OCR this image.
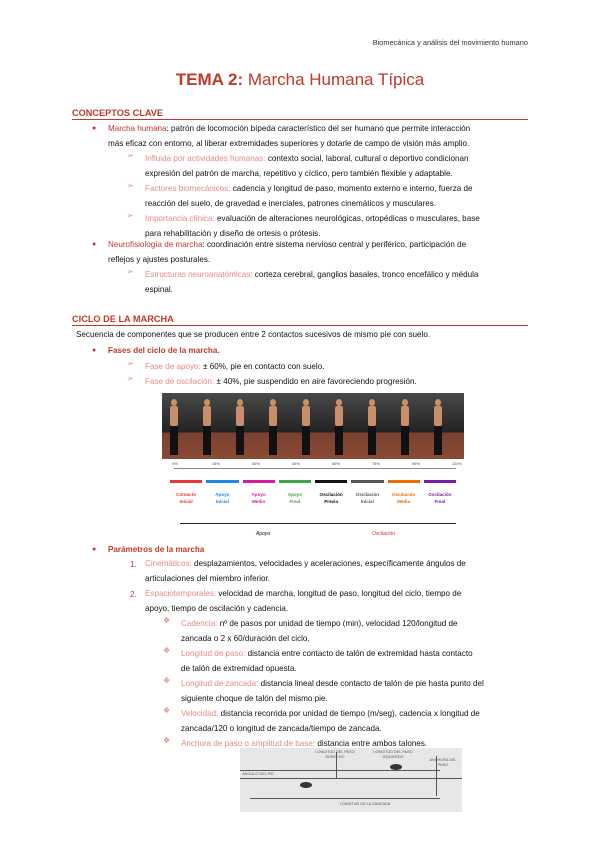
Biomecánica y análisis del movimiento humano
TEMA 2: Marcha Humana Típica
CONCEPTOS CLAVE
● Marcha humana: patrón de locomoción bípeda característico del ser humano que permite interacción
más eficaz con entorno, al liberar extremidades superiores y dotarle de campo de visión más amplio.
➢ Influida por actividades humanas: contexto social, laboral, cultural o deportivo condicionan
expresión del patrón de marcha, repetitivo y cíclico, pero también flexible y adaptable.
➢ Factores biomecánicos: cadencia y longitud de paso, momento externo e interno, fuerza de
reacción del suelo, de gravedad e inerciales, patrones cinemáticos y musculares.
➢ Importancia clínica: evaluación de alteraciones neurológicas, ortopédicas o musculares, base
para rehabilitación y diseño de ortesis o prótesis.
● Neurofisiología de marcha: coordinación entre sistema nervioso central y periférico, participación de
reflejos y ajustes posturales.
➢ Estructuras neuroanatómicas: corteza cerebral, ganglios basales, tronco encefálico y médula
espinal.
CICLO DE LA MARCHA
Secuencia de componentes que se producen entre 2 contactos sucesivos de mismo pie con suelo.
● Fases del ciclo de la marcha.
➢ Fase de apoyo: ± 60%, pie en contacto con suelo.
➢ Fase de oscilación: ± 40%, pie suspendido en aire favoreciendo progresión.
0%	15%	30%	45%	60%	75%	90%	100%
Contacto
Inicial
Apoyo
Inicial
Apoyo
Medio
Apoyo
Final
Oscilación
Previa
Oscilación
Inicial
Oscilación
Media
Oscilación
Final
Apoyo	Oscilación
● Parámetros de la marcha
1. Cinemáticos: desplazamientos, velocidades y aceleraciones, específicamente ángulos de
articulaciones del miembro inferior.
2. Espaciotemporales: velocidad de marcha, longitud de paso, longitud del ciclo, tiempo de
apoyo, tiempo de oscilación y cadencia.
❖ Cadencia: nº de pasos por unidad de tiempo (min), velocidad 120/longitud de
zancada o 2 x 60/duración del ciclo.
❖ Longitud de paso: distancia entre contacto de talón de extremidad hasta contacto
de talón de extremidad opuesta.
❖ Longitud de zancada: distancia lineal desde contacto de talón de pie hasta punto del
siguiente choque de talón del mismo pie.
❖ Velocidad: distancia recorrida por unidad de tiempo (m/seg), cadencia x longitud de
zancada/120 o longitud de zancada/tiempo de zancada.
❖ Anchura de paso o amplitud de base: distancia entre ambos talones.
LONGITUD DEL PASO DERECHO
LONGITUD DEL PASO IZQUIERDO
ANCHURA DEL PASO
ÁNGULO DEL PIE
LONGITUD DE LA ZANCADA
